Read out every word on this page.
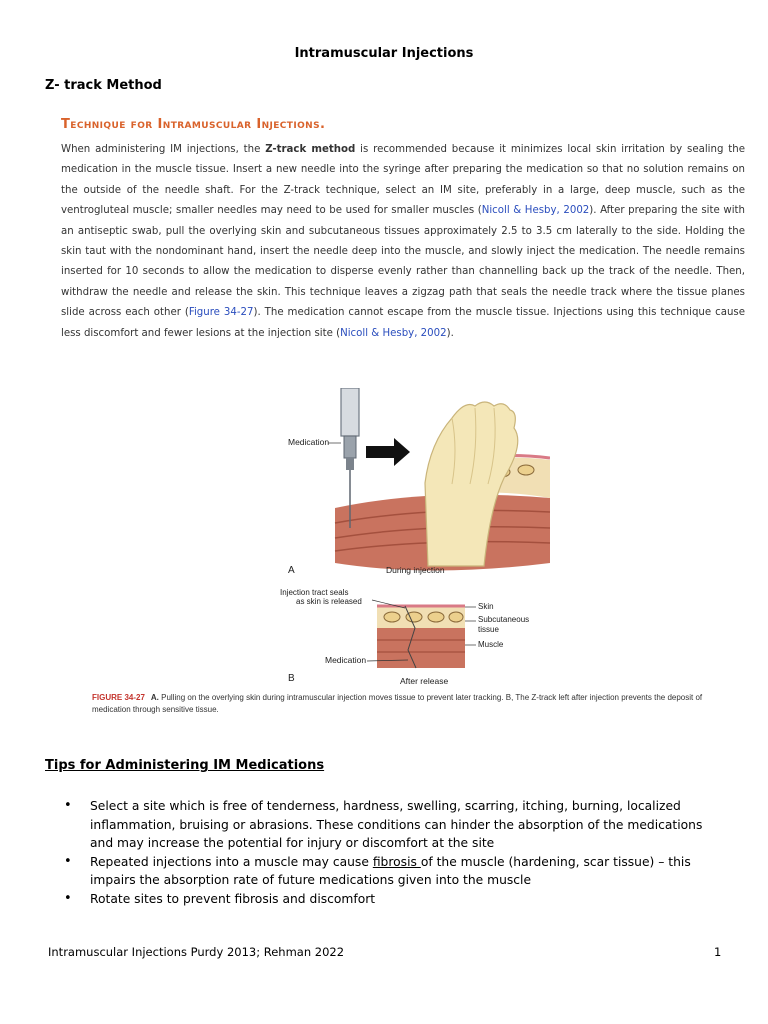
Intramuscular Injections
Z- track Method
Technique for Intramuscular Injections.
When administering IM injections, the Z-track method is recommended because it minimizes local skin irritation by sealing the medication in the muscle tissue. Insert a new needle into the syringe after preparing the medication so that no solution remains on the outside of the needle shaft. For the Z-track technique, select an IM site, preferably in a large, deep muscle, such as the ventrogluteal muscle; smaller needles may need to be used for smaller muscles (Nicoll & Hesby, 2002). After preparing the site with an antiseptic swab, pull the overlying skin and subcutaneous tissues approximately 2.5 to 3.5 cm laterally to the side. Holding the skin taut with the nondominant hand, insert the needle deep into the muscle, and slowly inject the medication. The needle remains inserted for 10 seconds to allow the medication to disperse evenly rather than channelling back up the track of the needle. Then, withdraw the needle and release the skin. This technique leaves a zigzag path that seals the needle track where the tissue planes slide across each other (Figure 34-27). The medication cannot escape from the muscle tissue. Injections using this technique cause less discomfort and fewer lesions at the injection site (Nicoll & Hesby, 2002).
Medication
A	During injection
Injection tract seals
as skin is released
Skin
Subcutaneous
tissue
Muscle
Medication
B	After release
FIGURE 34-27 A. Pulling on the overlying skin during intramuscular injection moves tissue to prevent later tracking. B, The Z-track left after injection prevents the deposit of medication through sensitive tissue.
Tips for Administering IM Medications
• Select a site which is free of tenderness, hardness, swelling, scarring, itching, burning, localized inflammation, bruising or abrasions. These conditions can hinder the absorption of the medications and may increase the potential for injury or discomfort at the site
• Repeated injections into a muscle may cause fibrosis of the muscle (hardening, scar tissue) – this impairs the absorption rate of future medications given into the muscle
• Rotate sites to prevent fibrosis and discomfort
Intramuscular Injections Purdy 2013; Rehman 2022	1
